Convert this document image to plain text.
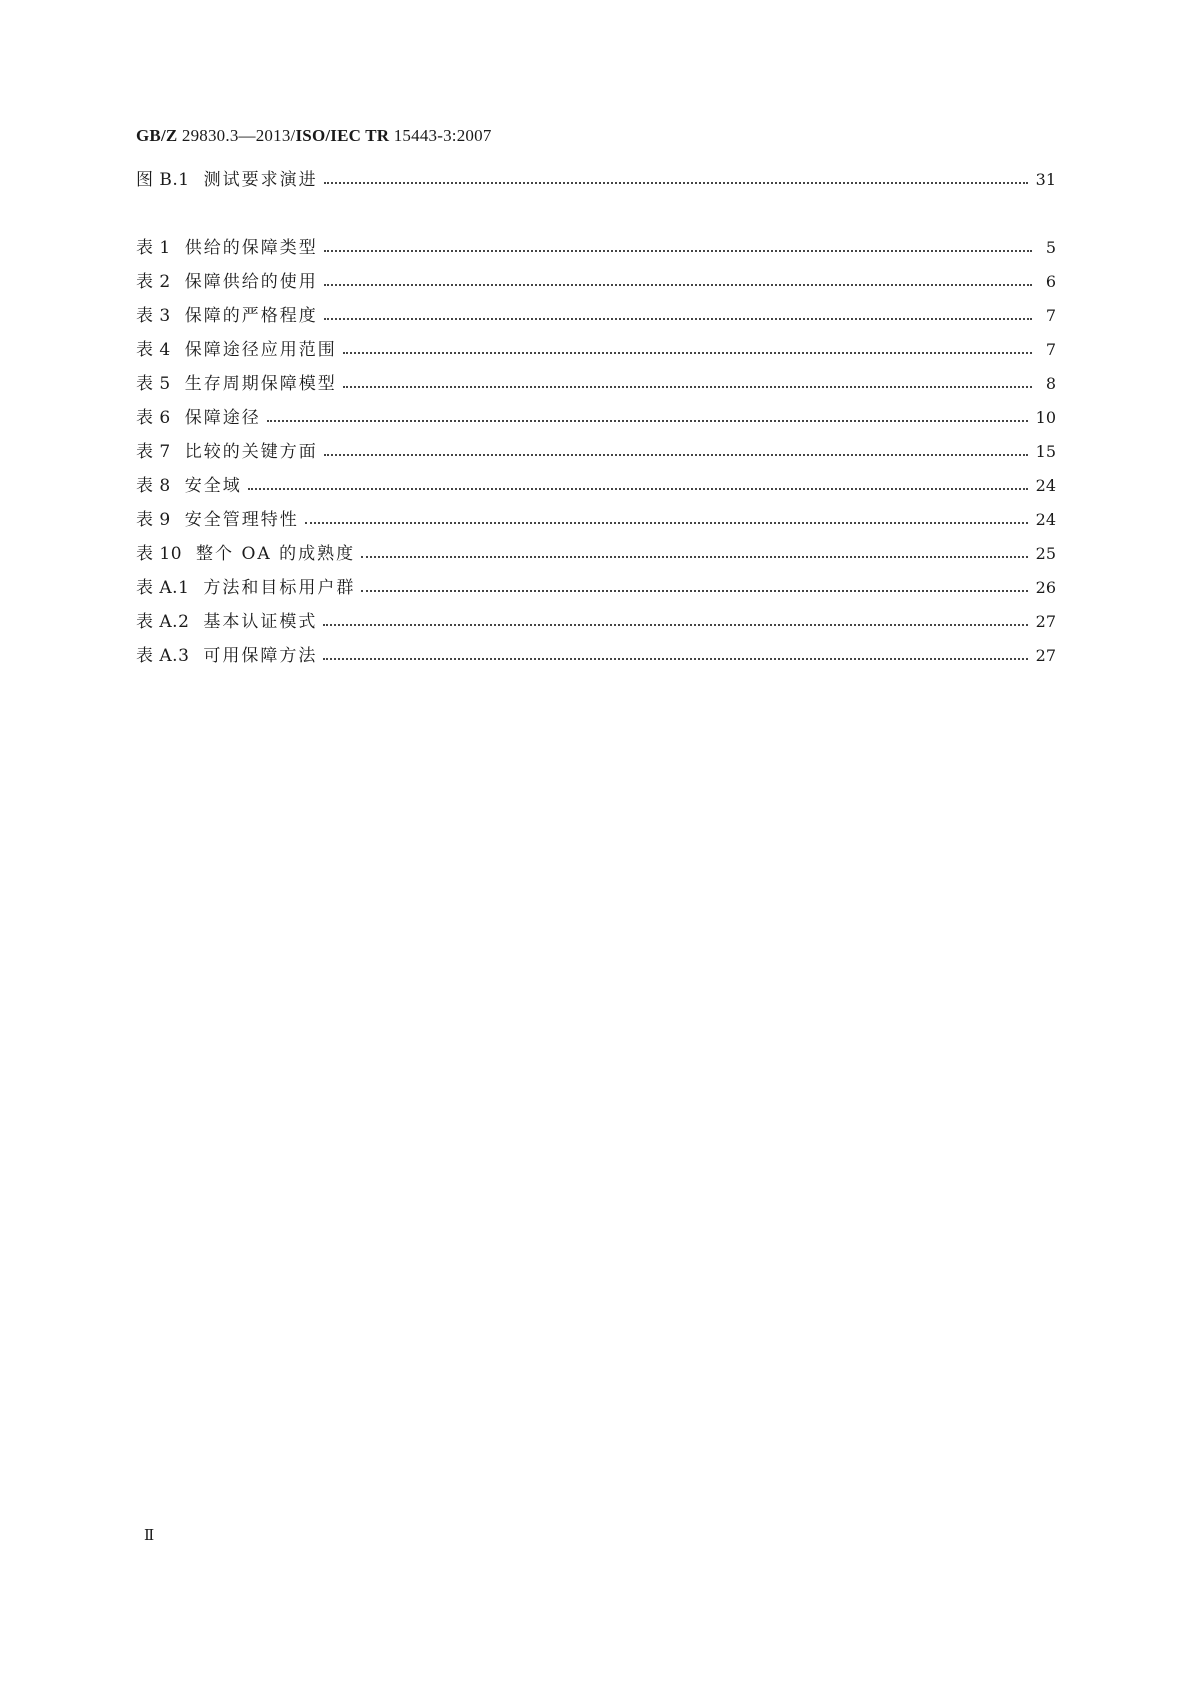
GB/Z 29830.3—2013/ISO/IEC TR 15443-3:2007
图 B.1 测试要求演进	31
表 1 供给的保障类型	5
表 2 保障供给的使用	6
表 3 保障的严格程度	7
表 4 保障途径应用范围	7
表 5 生存周期保障模型	8
表 6 保障途径	10
表 7 比较的关键方面	15
表 8 安全域	24
表 9 安全管理特性	24
表 10 整个 OA 的成熟度	25
表 A.1 方法和目标用户群	26
表 A.2 基本认证模式	27
表 A.3 可用保障方法	27
Ⅱ
